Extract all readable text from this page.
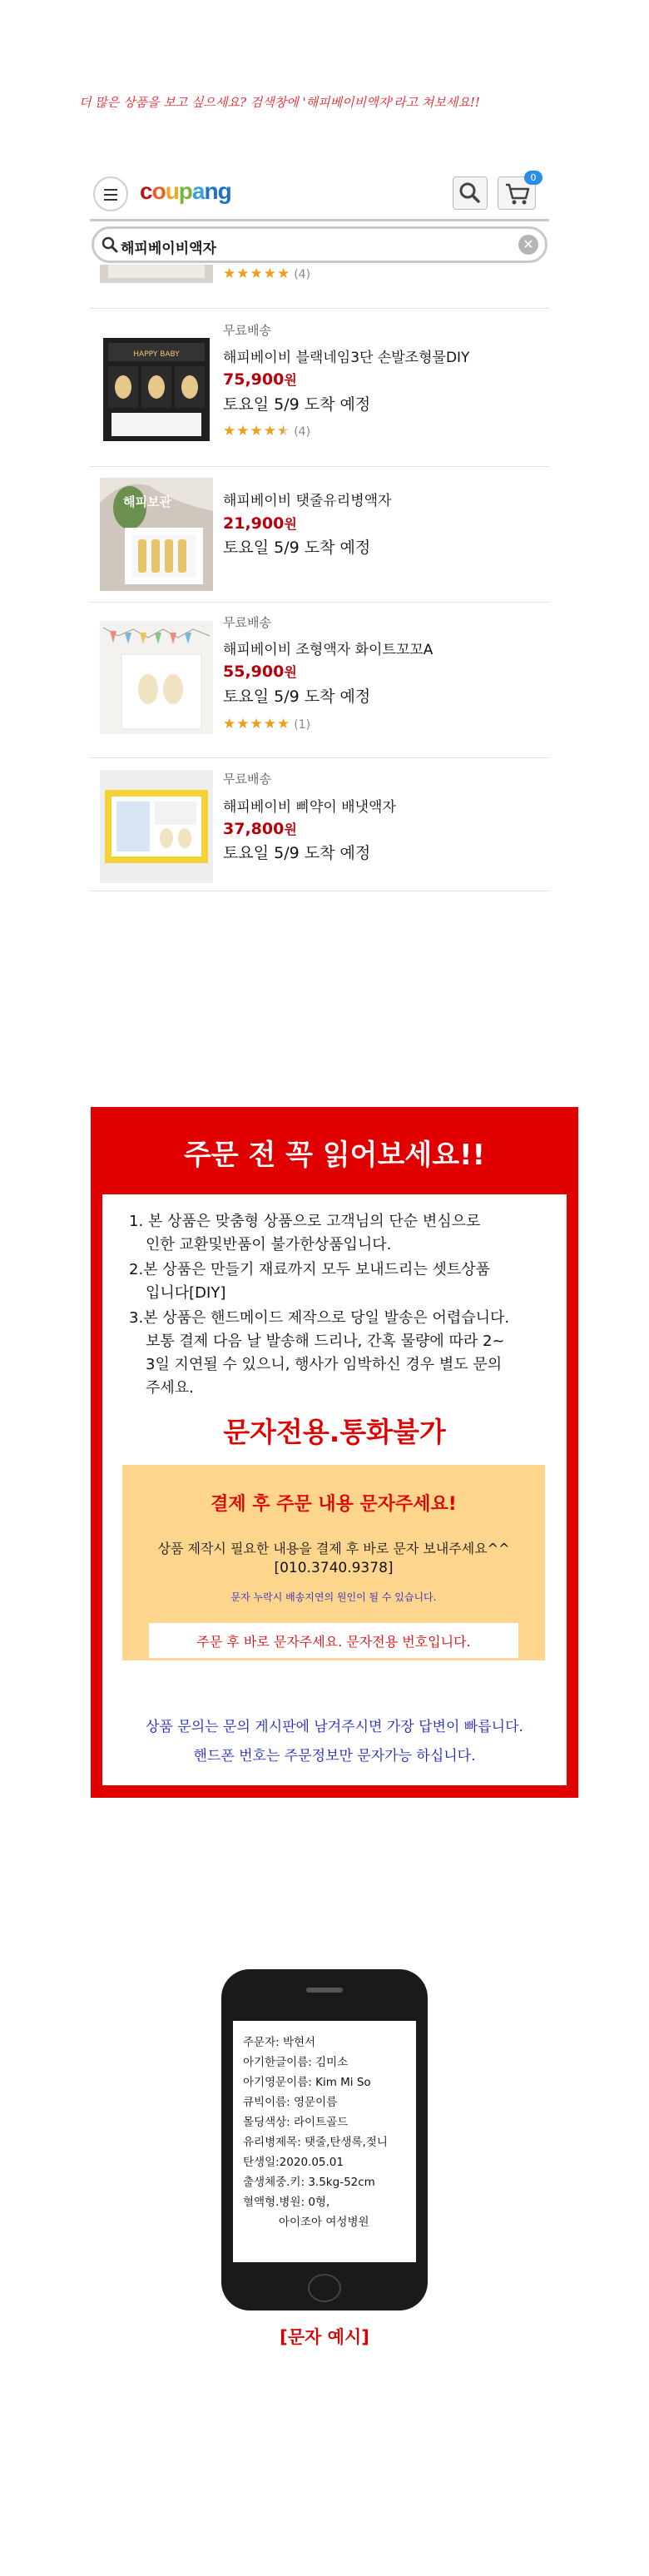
더 많은 상품을 보고 싶으세요? 검색창에 '해피베이비액자'라고 쳐보세요!!
coupang
0
해피베이비액자	✕
★★★★★ (4)
HAPPY BABY
무료배송
해피베이비 블랙네임3단 손발조형물DIY
75,900원
토요일 5/9 도착 예정
★★★★★ (4)
해피보관	해피베이비 탯줄유리병액자
21,900원
토요일 5/9 도착 예정
무료배송
해피베이비 조형액자 화이트꼬꼬A
55,900원
토요일 5/9 도착 예정
★★★★★ (1)
무료배송
해피베이비 삐약이 배냇액자
37,800원
토요일 5/9 도착 예정
주문 전 꼭 읽어보세요!!
1. 본 상품은 맞춤형 상품으로 고객님의 단순 변심으로
인한 교환및반품이 불가한상품입니다.
2.본 상품은 만들기 재료까지 모두 보내드리는 셋트상품
입니다[DIY]
3.본 상품은 핸드메이드 제작으로 당일 발송은 어렵습니다.
보통 결제 다음 날 발송해 드리나, 간혹 물량에 따라 2~
3일 지연될 수 있으니, 행사가 임박하신 경우 별도 문의
주세요.
문자전용.통화불가
결제 후 주문 내용 문자주세요!
상품 제작시 필요한 내용을 결제 후 바로 문자 보내주세요^^
[010.3740.9378]
문자 누락시 배송지연의 원인이 될 수 있습니다.
주문 후 바로 문자주세요. 문자전용 번호입니다.
상품 문의는 문의 게시판에 남겨주시면 가장 답변이 빠릅니다.
핸드폰 번호는 주문정보만 문자가능 하십니다.
주문자: 박현서
아기한글이름: 김미소
아기영문이름: Kim Mi So
큐빅이름: 영문이름
몰딩색상: 라이트골드
유리병제목: 탯줄,탄생록,젖니
탄생일:2020.05.01
출생체중.키: 3.5kg-52cm
혈액형.병원: 0형,
아이조아 여성병원
[문자 예시]
